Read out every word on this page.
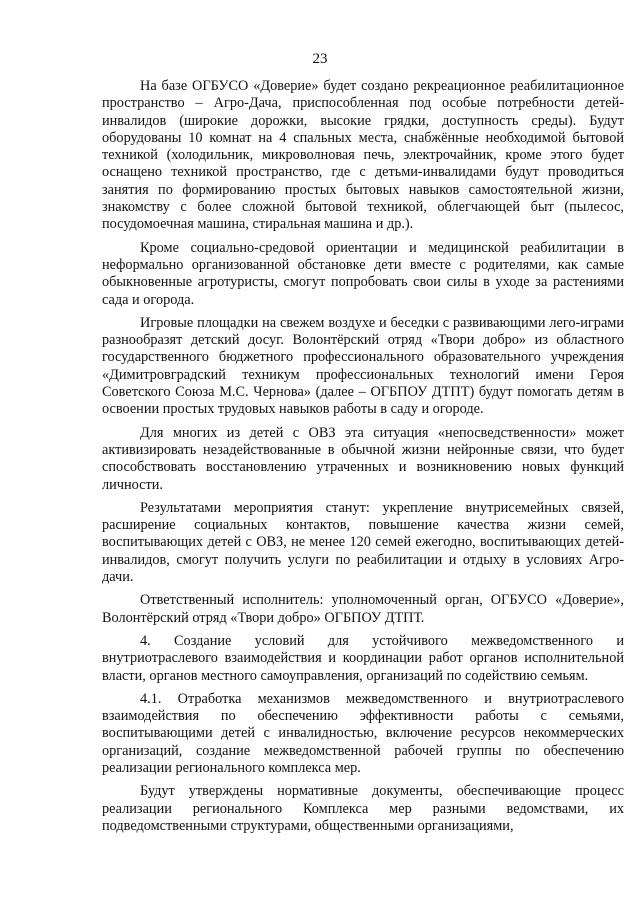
23

На базе ОГБУСО «Доверие» будет создано рекреационное реабилитационное пространство – Агро-Дача, приспособленная под особые потребности детей-инвалидов (широкие дорожки, высокие грядки, доступность среды). Будут оборудованы 10 комнат на 4 спальных места, снабжённые необходимой бытовой техникой (холодильник, микроволновая печь, электрочайник, кроме этого будет оснащено техникой пространство, где с детьми-инвалидами будут проводиться занятия по формированию простых бытовых навыков самостоятельной жизни, знакомству с более сложной бытовой техникой, облегчающей быт (пылесос, посудомоечная машина, стиральная машина и др.).

Кроме социально-средовой ориентации и медицинской реабилитации в неформально организованной обстановке дети вместе с родителями, как самые обыкновенные агротуристы, смогут попробовать свои силы в уходе за растениями сада и огорода.

Игровые площадки на свежем воздухе и беседки с развивающими лего-играми разнообразят детский досуг. Волонтёрский отряд «Твори добро» из областного государственного бюджетного профессионального образовательного учреждения «Димитровградский техникум профессиональных технологий имени Героя Советского Союза М.С. Чернова» (далее – ОГБПОУ ДТПТ) будут помогать детям в освоении простых трудовых навыков работы в саду и огороде.

Для многих из детей с ОВЗ эта ситуация «непосведственности» может активизировать незадействованные в обычной жизни нейронные связи, что будет способствовать восстановлению утраченных и возникновению новых функций личности.

Результатами мероприятия станут: укрепление внутрисемейных связей, расширение социальных контактов, повышение качества жизни семей, воспитывающих детей с ОВЗ, не менее 120 семей ежегодно, воспитывающих детей-инвалидов, смогут получить услуги по реабилитации и отдыху в условиях Агро-дачи.

Ответственный исполнитель: уполномоченный орган, ОГБУСО «Доверие», Волонтёрский отряд «Твори добро» ОГБПОУ ДТПТ.

4. Создание условий для устойчивого межведомственного и внутриотраслевого взаимодействия и координации работ органов исполнительной власти, органов местного самоуправления, организаций по содействию семьям.

4.1. Отработка механизмов межведомственного и внутриотраслевого взаимодействия по обеспечению эффективности работы с семьями, воспитывающими детей с инвалидностью, включение ресурсов некоммерческих организаций, создание межведомственной рабочей группы по обеспечению реализации регионального комплекса мер.

Будут утверждены нормативные документы, обеспечивающие процесс реализации регионального Комплекса мер разными ведомствами, их подведомственными структурами, общественными организациями,
